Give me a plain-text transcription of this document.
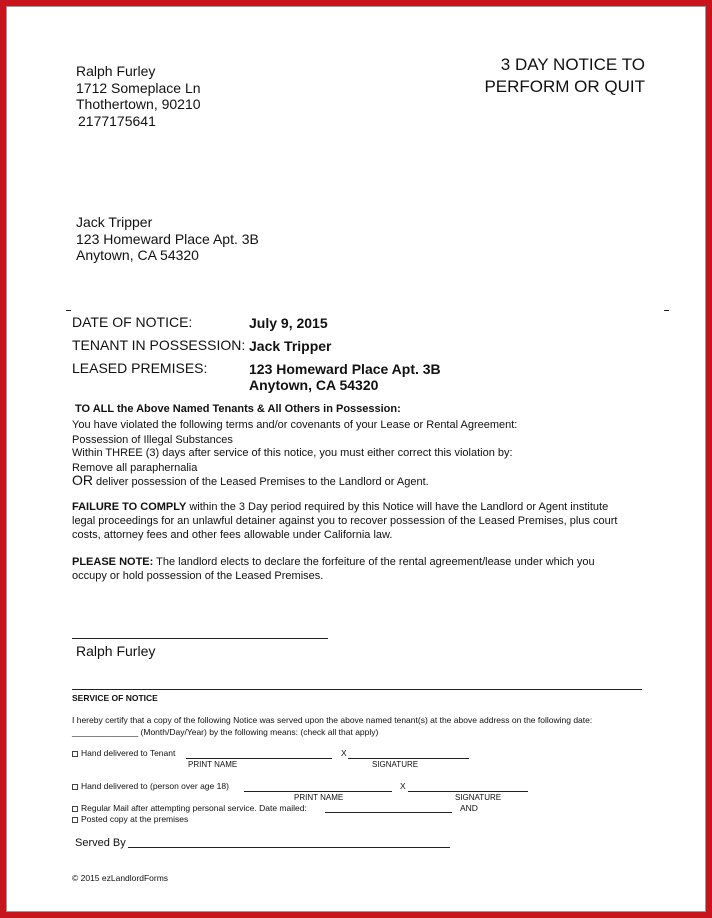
Ralph Furley
1712 Someplace Ln
Thothertown, 90210
2177175641
3 DAY NOTICE TO
PERFORM OR QUIT
Jack Tripper
123 Homeward Place Apt. 3B
Anytown, CA 54320
DATE OF NOTICE:	July 9, 2015
TENANT IN POSSESSION: Jack Tripper
LEASED PREMISES:	123 Homeward Place Apt. 3B
Anytown, CA 54320
TO ALL the Above Named Tenants & All Others in Possession:
You have violated the following terms and/or covenants of your Lease or Rental Agreement:
Possession of Illegal Substances
Within THREE (3) days after service of this notice, you must either correct this violation by:
Remove all paraphernalia
OR deliver possession of the Leased Premises to the Landlord or Agent.
FAILURE TO COMPLY within the 3 Day period required by this Notice will have the Landlord or Agent institute
legal proceedings for an unlawful detainer against you to recover possession of the Leased Premises, plus court
costs, attorney fees and other fees allowable under California law.
PLEASE NOTE: The landlord elects to declare the forfeiture of the rental agreement/lease under which you
occupy or hold possession of the Leased Premises.
Ralph Furley
SERVICE OF NOTICE
I hereby certify that a copy of the following Notice was served upon the above named tenant(s) at the above address on the following date:
______________ (Month/Day/Year) by the following means: (check all that apply)
Hand delivered to Tenant	X
PRINT NAME	SIGNATURE
Hand delivered to (person over age 18)	X
PRINT NAME	SIGNATURE
Regular Mail after attempting personal service. Date mailed:	AND
Posted copy at the premises
Served By
© 2015 ezLandlordForms
